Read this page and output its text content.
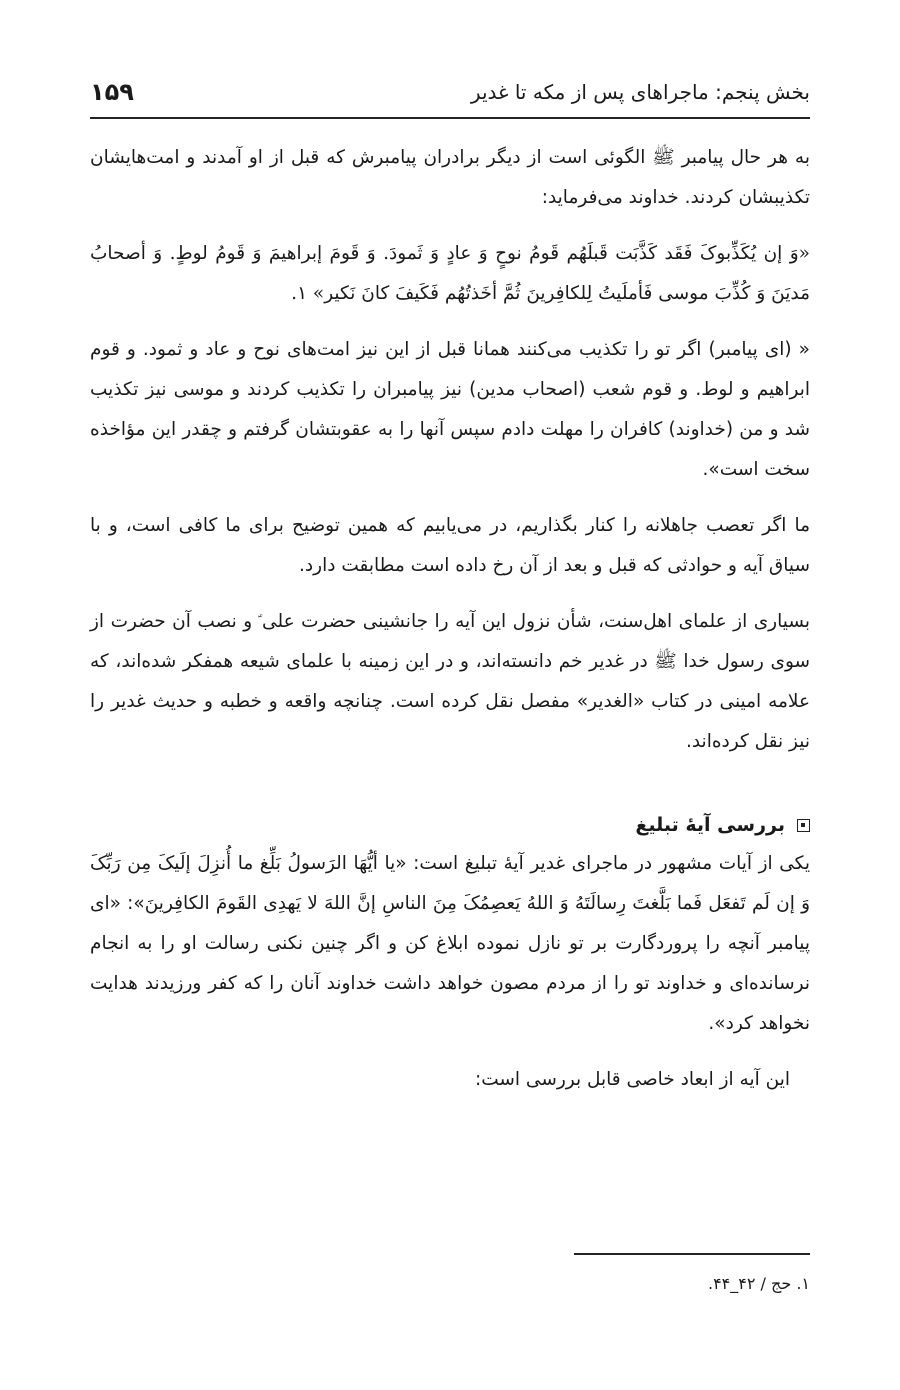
بخش پنجم: ماجراهای پس از مکه تا غدیر
۱۵۹

به هر حال پیامبر ﷺ الگوئی است از دیگر برادران پیامبرش که قبل از او آمدند و امت‌هایشان تکذیبشان کردند. خداوند می‌فرماید:

«وَ إن یُکَذِّبوکَ فَقَد کَذَّبَت قَبلَهُم قَومُ نوحٍ وَ عادٍ وَ ثَمودَ. وَ قَومَ إبراهیمَ وَ قَومُ لوطٍ. وَ أصحابُ مَدیَنَ وَ کُذِّبَ موسی فَأملَیتُ لِلکافِرینَ ثُمَّ أخَذتُهُم فَکَیفَ کانَ نَکیر» ۱.

« (ای پیامبر) اگر تو را تکذیب می‌کنند همانا قبل از این نیز امت‌های نوح و عاد و ثمود. و قوم ابراهیم و لوط. و قوم شعب (اصحاب مدین) نیز پیامبران را تکذیب کردند و موسی نیز تکذیب شد و من (خداوند) کافران را مهلت دادم سپس آنها را به عقوبتشان گرفتم و چقدر این مؤاخذه سخت است».

ما اگر تعصب جاهلانه را کنار بگذاریم، در می‌یابیم که همین توضیح برای ما کافی است، و با سیاق آیه و حوادثی که قبل و بعد از آن رخ داده است مطابقت دارد.

بسیاری از علمای اهل‌سنت، شأن نزول این آیه را جانشینی حضرت علی ؑ و نصب آن حضرت از سوی رسول خدا ﷺ در غدیر خم دانسته‌اند، و در این زمینه با علمای شیعه همفکر شده‌اند، که علامه امینی در کتاب «الغدیر» مفصل نقل کرده است. چنانچه واقعه و خطبه و حدیث غدیر را نیز نقل کرده‌اند.

بررسی آیهٔ تبلیغ

یکی از آیات مشهور در ماجرای غدیر آیهٔ تبلیغ است: «یا أیُّهَا الرَسولُ بَلِّغ ما أُنزِلَ إلَیکَ مِن رَبِّکَ وَ إن لَم تَفعَل فَما بَلَّغتَ رِسالَتَهُ وَ اللهُ یَعصِمُکَ مِنَ الناسِ إنَّ اللهَ لا یَهدِی القَومَ الکافِرینَ»: «ای پیامبر آنچه را پروردگارت بر تو نازل نموده ابلاغ کن و اگر چنین نکنی رسالت او را به انجام نرسانده‌ای و خداوند تو را از مردم مصون خواهد داشت خداوند آنان را که کفر ورزیدند هدایت نخواهد کرد».

این آیه از ابعاد خاصی قابل بررسی است:

۱. حج / ۴۲_۴۴.
